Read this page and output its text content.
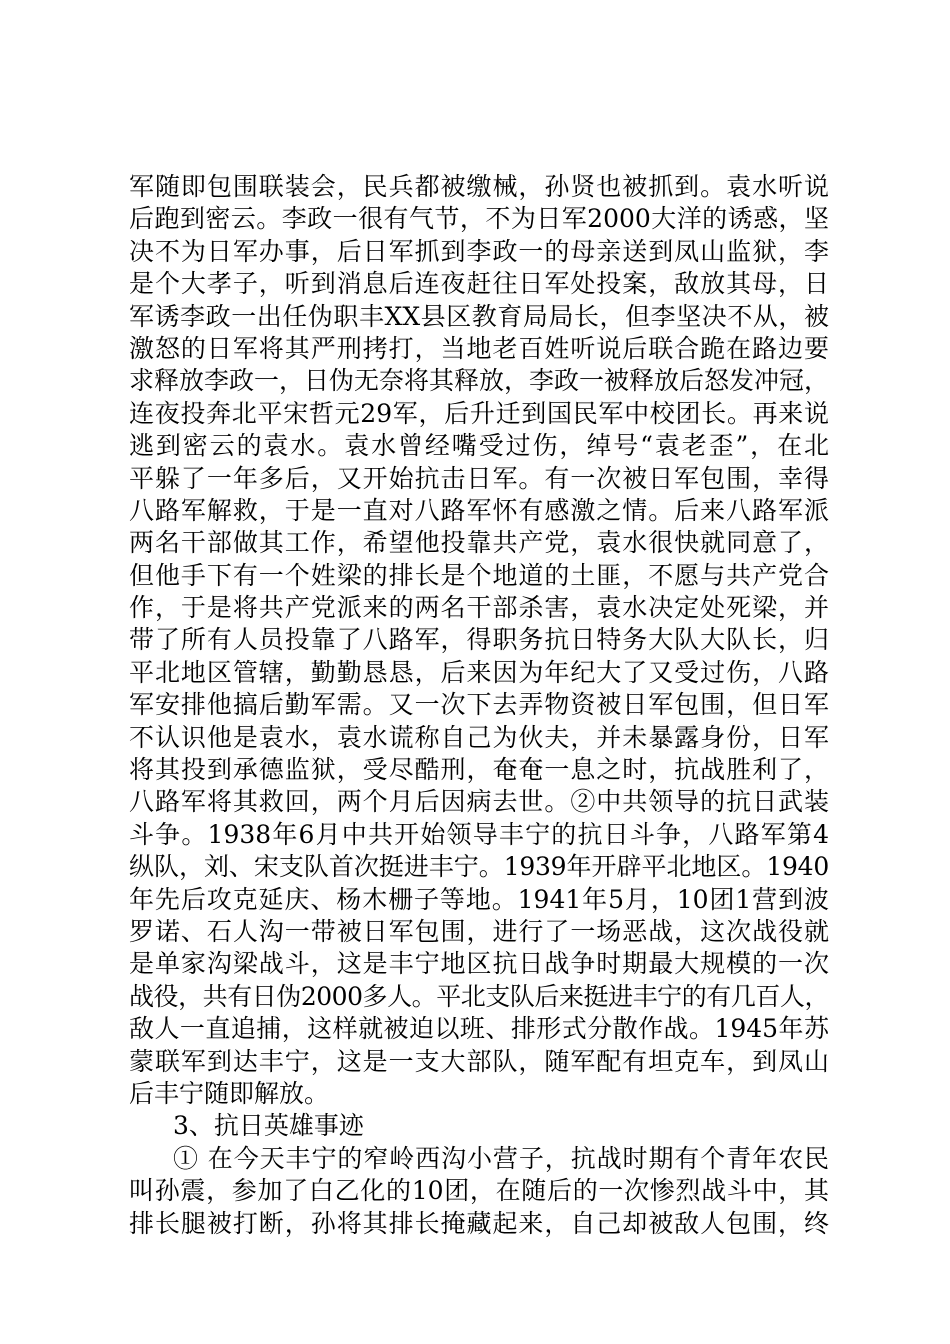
军随即包围联装会，民兵都被缴械，孙贤也被抓到。袁水听说
后跑到密云。李政一很有气节，不为日军2000大洋的诱惑，坚
决不为日军办事，后日军抓到李政一的母亲送到凤山监狱，李
是个大孝子，听到消息后连夜赶往日军处投案，敌放其母，日
军诱李政一出任伪职丰XX县区教育局局长，但李坚决不从，被
激怒的日军将其严刑拷打，当地老百姓听说后联合跪在路边要
求释放李政一，日伪无奈将其释放，李政一被释放后怒发冲冠，
连夜投奔北平宋哲元29军，后升迁到国民军中校团长。再来说
逃到密云的袁水。袁水曾经嘴受过伤，绰号“袁老歪”，在北
平躲了一年多后，又开始抗击日军。有一次被日军包围，幸得
八路军解救，于是一直对八路军怀有感激之情。后来八路军派
两名干部做其工作，希望他投靠共产党，袁水很快就同意了，
但他手下有一个姓梁的排长是个地道的土匪，不愿与共产党合
作，于是将共产党派来的两名干部杀害，袁水决定处死梁，并
带了所有人员投靠了八路军，得职务抗日特务大队大队长，归
平北地区管辖，勤勤恳恳，后来因为年纪大了又受过伤，八路
军安排他搞后勤军需。又一次下去弄物资被日军包围，但日军
不认识他是袁水，袁水谎称自己为伙夫，并未暴露身份，日军
将其投到承德监狱，受尽酷刑，奄奄一息之时，抗战胜利了，
八路军将其救回，两个月后因病去世。②中共领导的抗日武装
斗争。1938年6月中共开始领导丰宁的抗日斗争，八路军第4
纵队，刘、宋支队首次挺进丰宁。1939年开辟平北地区。1940
年先后攻克延庆、杨木栅子等地。1941年5月，10团1营到波
罗诺、石人沟一带被日军包围，进行了一场恶战，这次战役就
是单家沟梁战斗，这是丰宁地区抗日战争时期最大规模的一次
战役，共有日伪2000多人。平北支队后来挺进丰宁的有几百人，
敌人一直追捕，这样就被迫以班、排形式分散作战。1945年苏
蒙联军到达丰宁，这是一支大部队，随军配有坦克车，到凤山
后丰宁随即解放。
3、抗日英雄事迹
① 在今天丰宁的窄岭西沟小营子，抗战时期有个青年农民
叫孙震，参加了白乙化的10团，在随后的一次惨烈战斗中，其
排长腿被打断，孙将其排长掩藏起来，自己却被敌人包围，终
